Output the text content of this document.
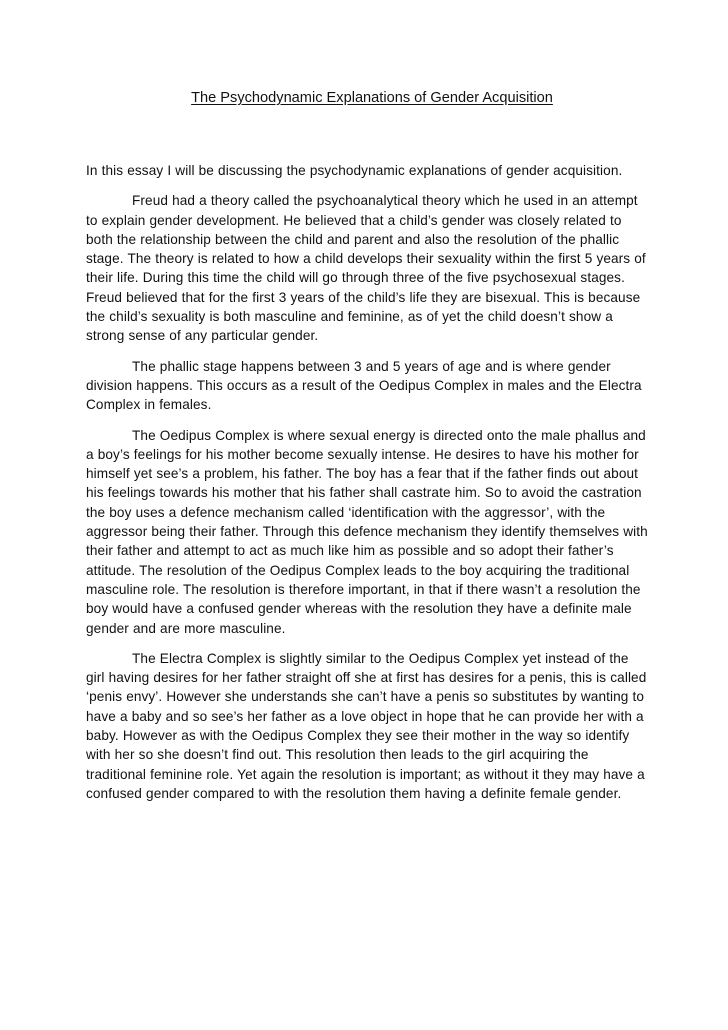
The Psychodynamic Explanations of Gender Acquisition

In this essay I will be discussing the psychodynamic explanations of gender acquisition.

Freud had a theory called the psychoanalytical theory which he used in an attempt to explain gender development. He believed that a child’s gender was closely related to both the relationship between the child and parent and also the resolution of the phallic stage. The theory is related to how a child develops their sexuality within the first 5 years of their life. During this time the child will go through three of the five psychosexual stages. Freud believed that for the first 3 years of the child’s life they are bisexual. This is because the child’s sexuality is both masculine and feminine, as of yet the child doesn’t show a strong sense of any particular gender.

The phallic stage happens between 3 and 5 years of age and is where gender division happens. This occurs as a result of the Oedipus Complex in males and the Electra Complex in females.

The Oedipus Complex is where sexual energy is directed onto the male phallus and a boy’s feelings for his mother become sexually intense. He desires to have his mother for himself yet see’s a problem, his father. The boy has a fear that if the father finds out about his feelings towards his mother that his father shall castrate him. So to avoid the castration the boy uses a defence mechanism called ‘identification with the aggressor’, with the aggressor being their father. Through this defence mechanism they identify themselves with their father and attempt to act as much like him as possible and so adopt their father’s attitude. The resolution of the Oedipus Complex leads to the boy acquiring the traditional masculine role. The resolution is therefore important, in that if there wasn’t a resolution the boy would have a confused gender whereas with the resolution they have a definite male gender and are more masculine.

The Electra Complex is slightly similar to the Oedipus Complex yet instead of the girl having desires for her father straight off she at first has desires for a penis, this is called ‘penis envy’. However she understands she can’t have a penis so substitutes by wanting to have a baby and so see’s her father as a love object in hope that he can provide her with a baby. However as with the Oedipus Complex they see their mother in the way so identify with her so she doesn’t find out. This resolution then leads to the girl acquiring the traditional feminine role. Yet again the resolution is important; as without it they may have a confused gender compared to with the resolution them having a definite female gender.
